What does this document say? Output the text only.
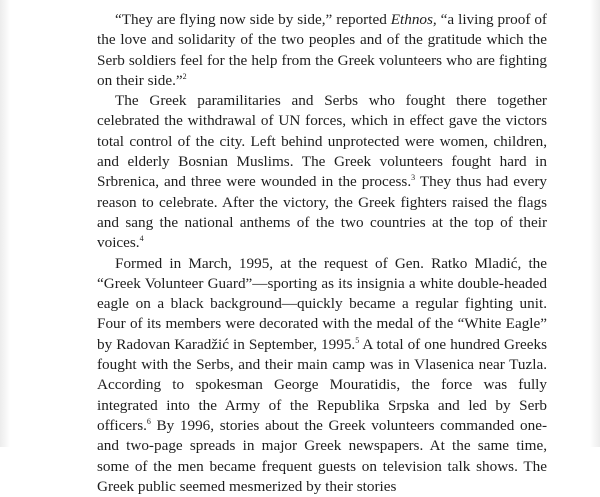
“They are flying now side by side,” reported Ethnos, “a living proof of the love and solidarity of the two peoples and of the gratitude which the Serb soldiers feel for the help from the Greek volunteers who are fighting on their side.”$^2$

The Greek paramilitaries and Serbs who fought there together celebrated the withdrawal of UN forces, which in effect gave the victors total control of the city. Left behind unprotected were women, children, and elderly Bosnian Muslims. The Greek volunteers fought hard in Srbrenica, and three were wounded in the process.$^3$ They thus had every reason to celebrate. After the victory, the Greek fighters raised the flags and sang the national anthems of the two countries at the top of their voices.$^4$

Formed in March, 1995, at the request of Gen. Ratko Mladić, the “Greek Volunteer Guard”—sporting as its insignia a white double-headed eagle on a black background—quickly became a regular fighting unit. Four of its members were decorated with the medal of the “White Eagle” by Radovan Karadžić in September, 1995.$^5$ A total of one hundred Greeks fought with the Serbs, and their main camp was in Vlasenica near Tuzla. According to spokesman George Mouratidis, the force was fully integrated into the Army of the Republika Srpska and led by Serb officers.$^6$ By 1996, stories about the Greek volunteers commanded one- and two-page spreads in major Greek newspapers. At the same time, some of the men became frequent guests on television talk shows. The Greek public seemed mesmerized by their stories
